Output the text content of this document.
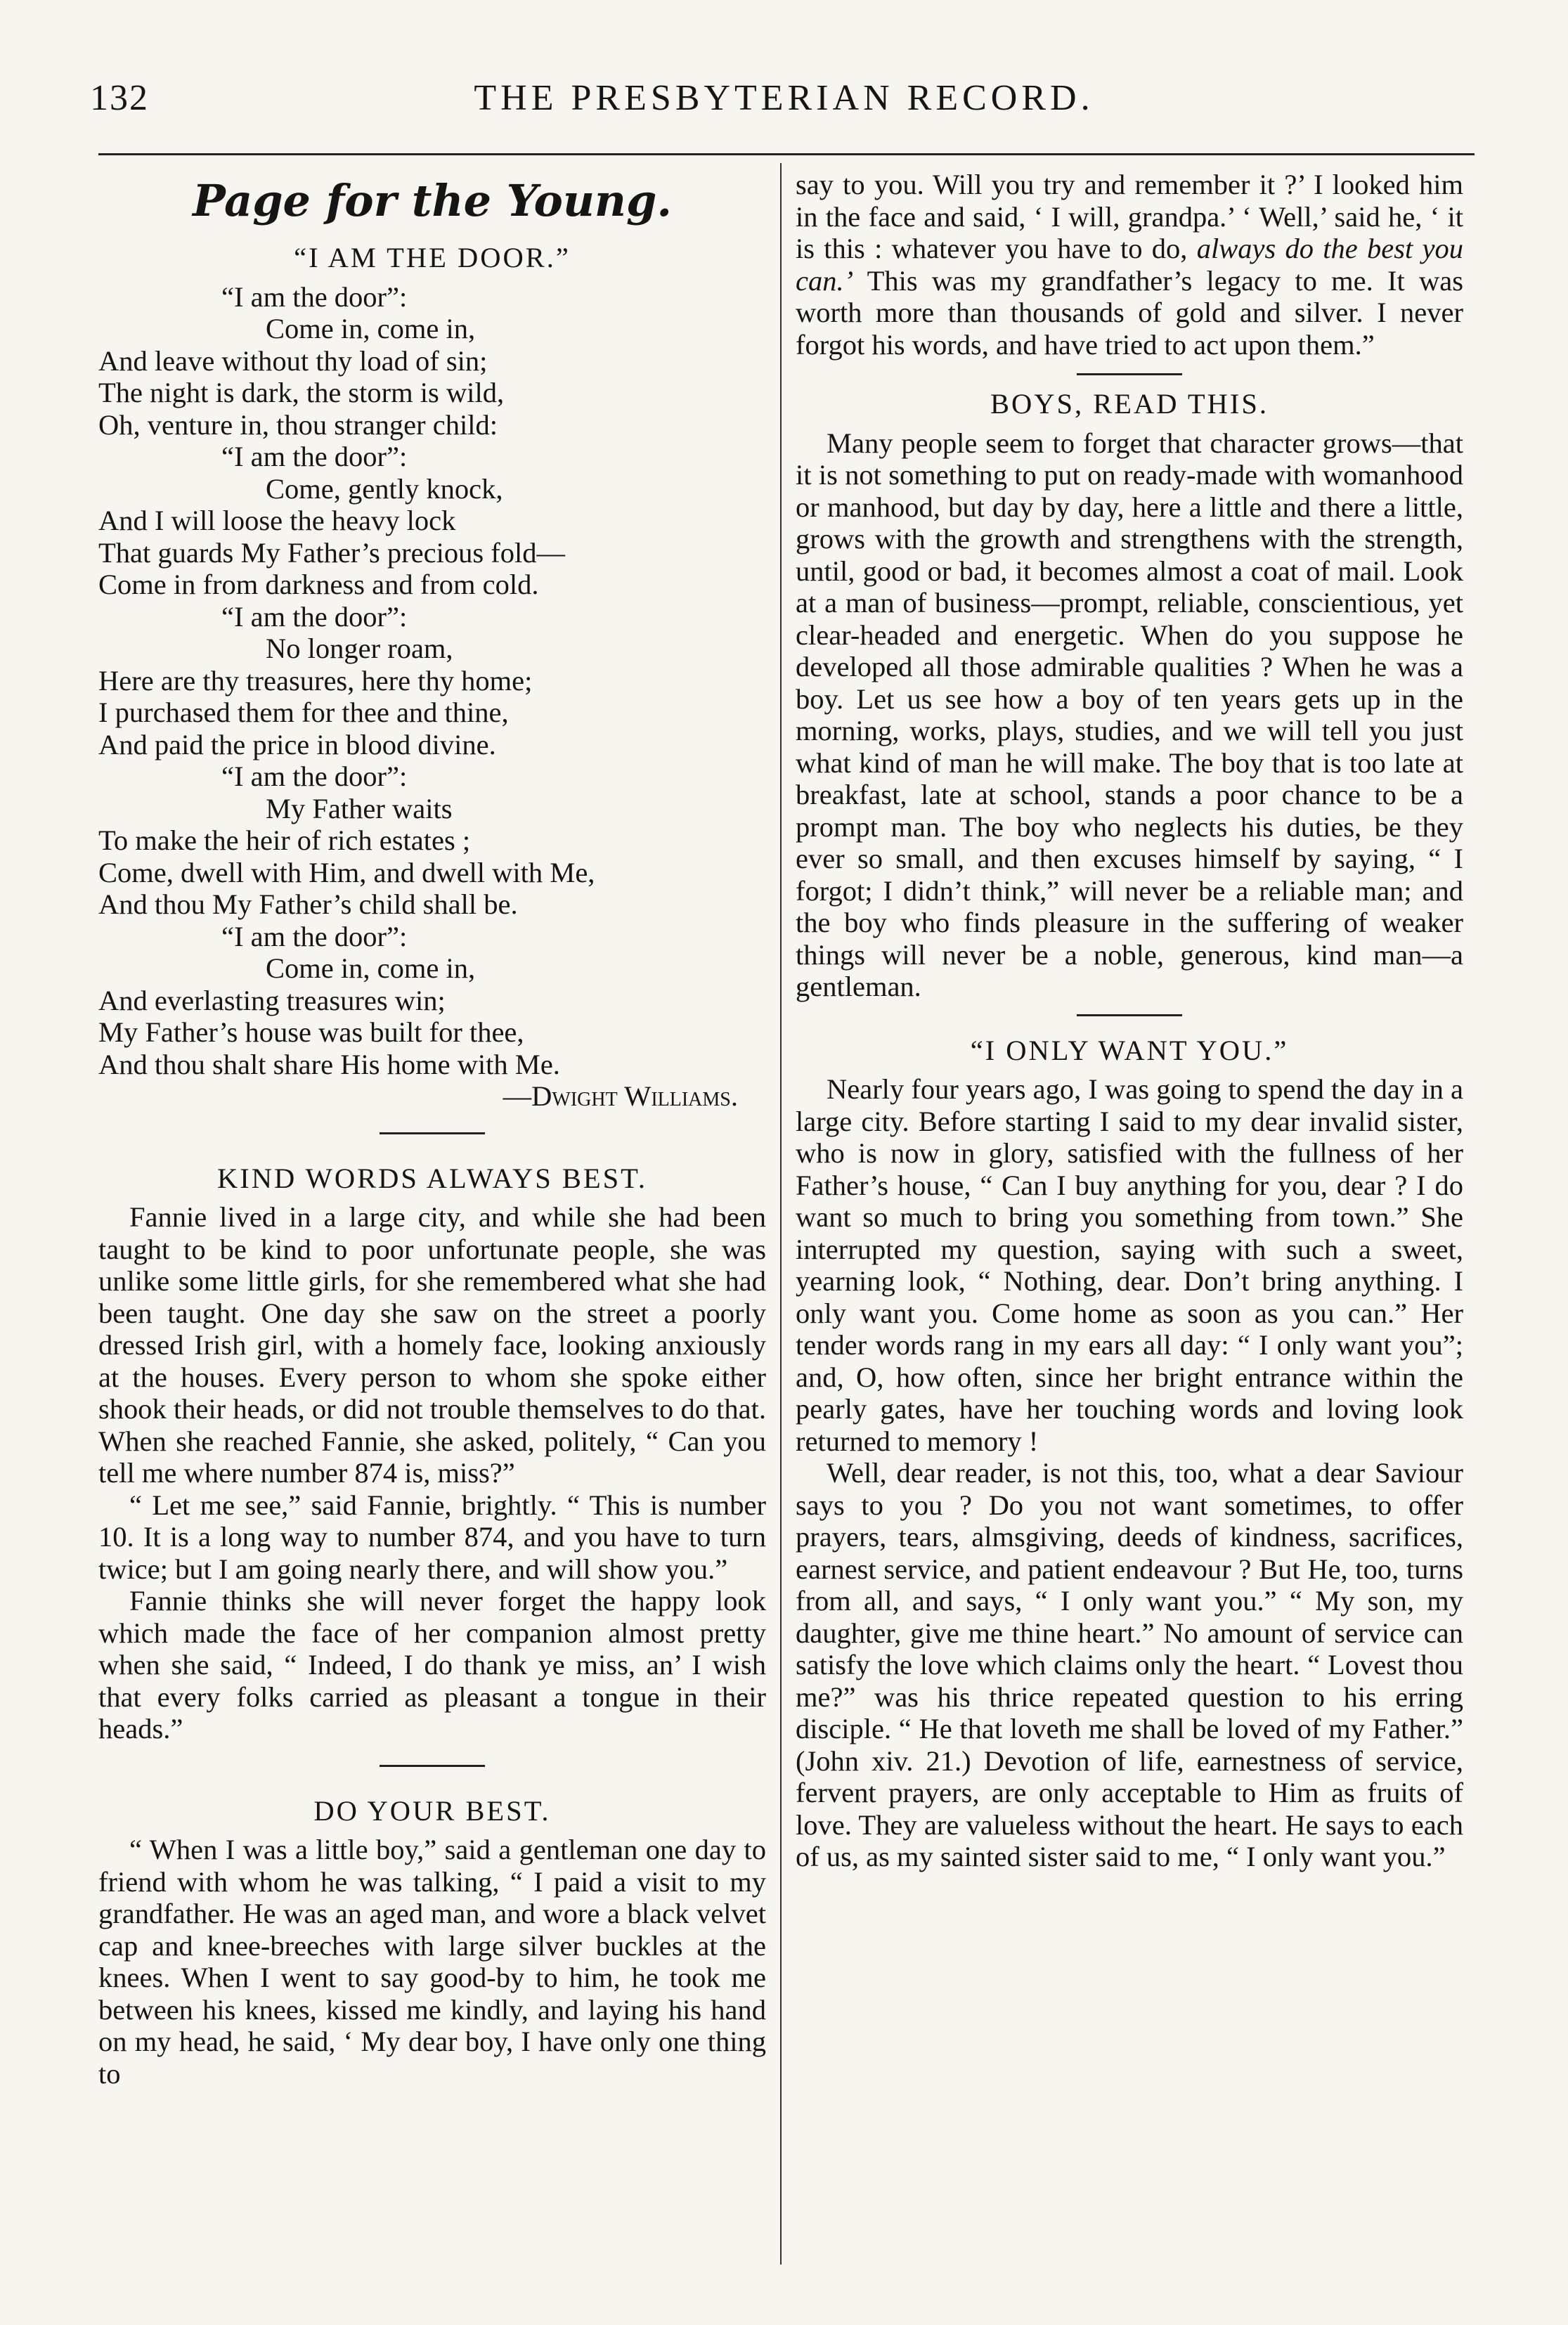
132	THE PRESBYTERIAN RECORD.
Page for the Young.
“I AM THE DOOR.”
“I am the door”:
Come in, come in,
And leave without thy load of sin;
The night is dark, the storm is wild,
Oh, venture in, thou stranger child:
“I am the door”:
Come, gently knock,
And I will loose the heavy lock
That guards My Father’s precious fold—
Come in from darkness and from cold.
“I am the door”:
No longer roam,
Here are thy treasures, here thy home;
I purchased them for thee and thine,
And paid the price in blood divine.
“I am the door”:
My Father waits
To make the heir of rich estates ;
Come, dwell with Him, and dwell with Me,
And thou My Father’s child shall be.
“I am the door”:
Come in, come in,
And everlasting treasures win;
My Father’s house was built for thee,
And thou shalt share His home with Me.
—Dwight Williams.
KIND WORDS ALWAYS BEST.

Fannie lived in a large city, and while she had been taught to be kind to poor unfortunate people, she was unlike some little girls, for she remembered what she had been taught. One day she saw on the street a poorly dressed Irish girl, with a homely face, looking anxiously at the houses. Every person to whom she spoke either shook their heads, or did not trouble themselves to do that. When she reached Fannie, she asked, politely, “ Can you tell me where number 874 is, miss?”

“ Let me see,” said Fannie, brightly. “ This is number 10. It is a long way to number 874, and you have to turn twice; but I am going nearly there, and will show you.”

Fannie thinks she will never forget the happy look which made the face of her companion almost pretty when she said, “ Indeed, I do thank ye miss, an’ I wish that every folks carried as pleasant a tongue in their heads.”

DO YOUR BEST.

“ When I was a little boy,” said a gentleman one day to friend with whom he was talking, “ I paid a visit to my grandfather. He was an aged man, and wore a black velvet cap and knee-breeches with large silver buckles at the knees. When I went to say good-by to him, he took me between his knees, kissed me kindly, and laying his hand on my head, he said, ‘ My dear boy, I have only one thing to

say to you. Will you try and remember it ?’ I looked him in the face and said, ‘ I will, grandpa.’ ‘ Well,’ said he, ‘ it is this : whatever you have to do, always do the best you can.’ This was my grandfather’s legacy to me. It was worth more than thousands of gold and silver. I never forgot his words, and have tried to act upon them.”

BOYS, READ THIS.

Many people seem to forget that character grows—that it is not something to put on ready-made with womanhood or manhood, but day by day, here a little and there a little, grows with the growth and strengthens with the strength, until, good or bad, it becomes almost a coat of mail. Look at a man of business—prompt, reliable, conscientious, yet clear-headed and energetic. When do you suppose he developed all those admirable qualities ? When he was a boy. Let us see how a boy of ten years gets up in the morning, works, plays, studies, and we will tell you just what kind of man he will make. The boy that is too late at breakfast, late at school, stands a poor chance to be a prompt man. The boy who neglects his duties, be they ever so small, and then excuses himself by saying, “ I forgot; I didn’t think,” will never be a reliable man; and the boy who finds pleasure in the suffering of weaker things will never be a noble, generous, kind man—a gentleman.

“I ONLY WANT YOU.”

Nearly four years ago, I was going to spend the day in a large city. Before starting I said to my dear invalid sister, who is now in glory, satisfied with the fullness of her Father’s house, “ Can I buy anything for you, dear ? I do want so much to bring you something from town.” She interrupted my question, saying with such a sweet, yearning look, “ Nothing, dear. Don’t bring anything. I only want you. Come home as soon as you can.” Her tender words rang in my ears all day: “ I only want you”; and, O, how often, since her bright entrance within the pearly gates, have her touching words and loving look returned to memory !

Well, dear reader, is not this, too, what a dear Saviour says to you ? Do you not want sometimes, to offer prayers, tears, almsgiving, deeds of kindness, sacrifices, earnest service, and patient endeavour ? But He, too, turns from all, and says, “ I only want you.” “ My son, my daughter, give me thine heart.” No amount of service can satisfy the love which claims only the heart. “ Lovest thou me?” was his thrice repeated question to his erring disciple. “ He that loveth me shall be loved of my Father.” (John xiv. 21.) Devotion of life, earnestness of service, fervent prayers, are only acceptable to Him as fruits of love. They are valueless without the heart. He says to each of us, as my sainted sister said to me, “ I only want you.”
